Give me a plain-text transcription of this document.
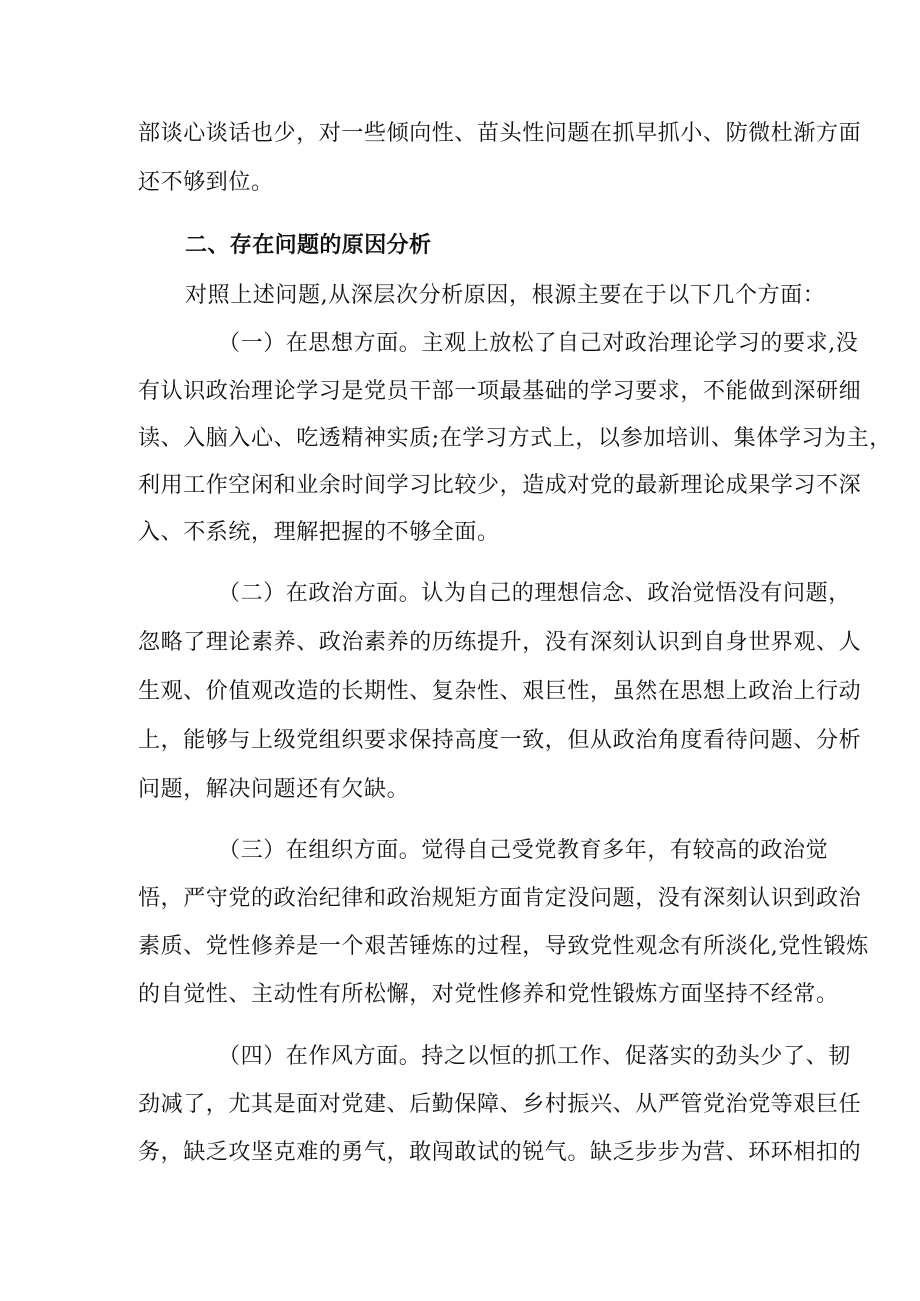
部谈心谈话也少，对一些倾向性、苗头性问题在抓早抓小、防微杜渐方面
还不够到位。
二、存在问题的原因分析
对照上述问题,从深层次分析原因，根源主要在于以下几个方面：
（一）在思想方面。主观上放松了自己对政治理论学习的要求,没
有认识政治理论学习是党员干部一项最基础的学习要求，不能做到深研细
读、入脑入心、吃透精神实质;在学习方式上，以参加培训、集体学习为主，
利用工作空闲和业余时间学习比较少，造成对党的最新理论成果学习不深
入、不系统，理解把握的不够全面。
（二）在政治方面。认为自己的理想信念、政治觉悟没有问题，
忽略了理论素养、政治素养的历练提升，没有深刻认识到自身世界观、人
生观、价值观改造的长期性、复杂性、艰巨性，虽然在思想上政治上行动
上，能够与上级党组织要求保持高度一致，但从政治角度看待问题、分析
问题，解决问题还有欠缺。
（三）在组织方面。觉得自己受党教育多年，有较高的政治觉
悟，严守党的政治纪律和政治规矩方面肯定没问题，没有深刻认识到政治
素质、党性修养是一个艰苦锤炼的过程，导致党性观念有所淡化,党性锻炼
的自觉性、主动性有所松懈，对党性修养和党性锻炼方面坚持不经常。
（四）在作风方面。持之以恒的抓工作、促落实的劲头少了、韧
劲减了，尤其是面对党建、后勤保障、乡村振兴、从严管党治党等艰巨任
务，缺乏攻坚克难的勇气，敢闯敢试的锐气。缺乏步步为营、环环相扣的
